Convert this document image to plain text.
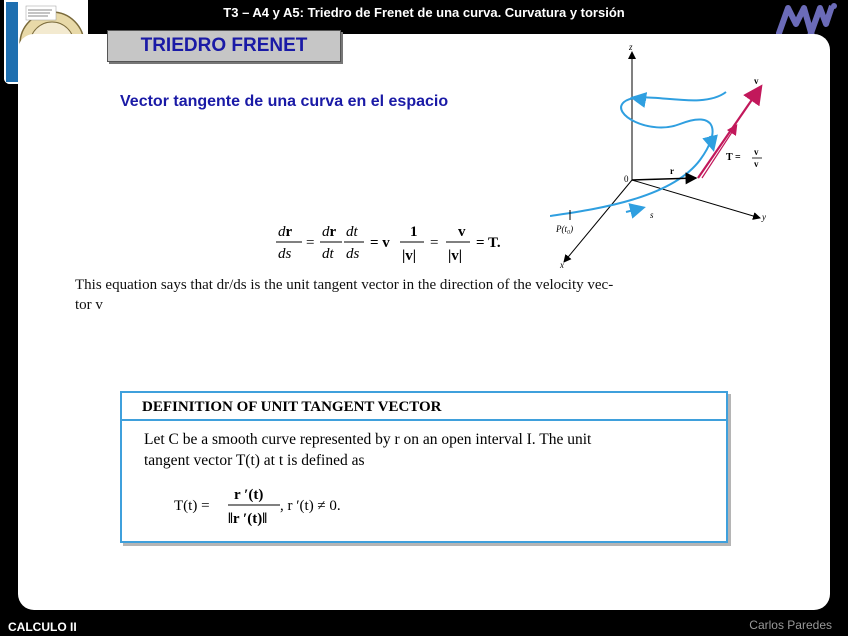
T3 – A4 y A5: Triedro de Frenet de una curva. Curvatura y torsión
TRIEDRO FRENET
Vector tangente de una curva en el espacio
z
y
x
v
r
s
0
P(t₀)
T = v
v
dr
ds
=
dr
dt
dt
ds
= v
1
|v|
=
v
|v|
= T.
This equation says that dr/ds is the unit tangent vector in the direction of the velocity vec-
tor v
DEFINITION OF UNIT TANGENT VECTOR
Let C be a smooth curve represented by r on an open interval I. The unit
tangent vector T(t) at t is defined as
T(t) =
r ′(t)
‖r ′(t)‖
, r ′(t) ≠ 0.
CALCULO II	Carlos Paredes
